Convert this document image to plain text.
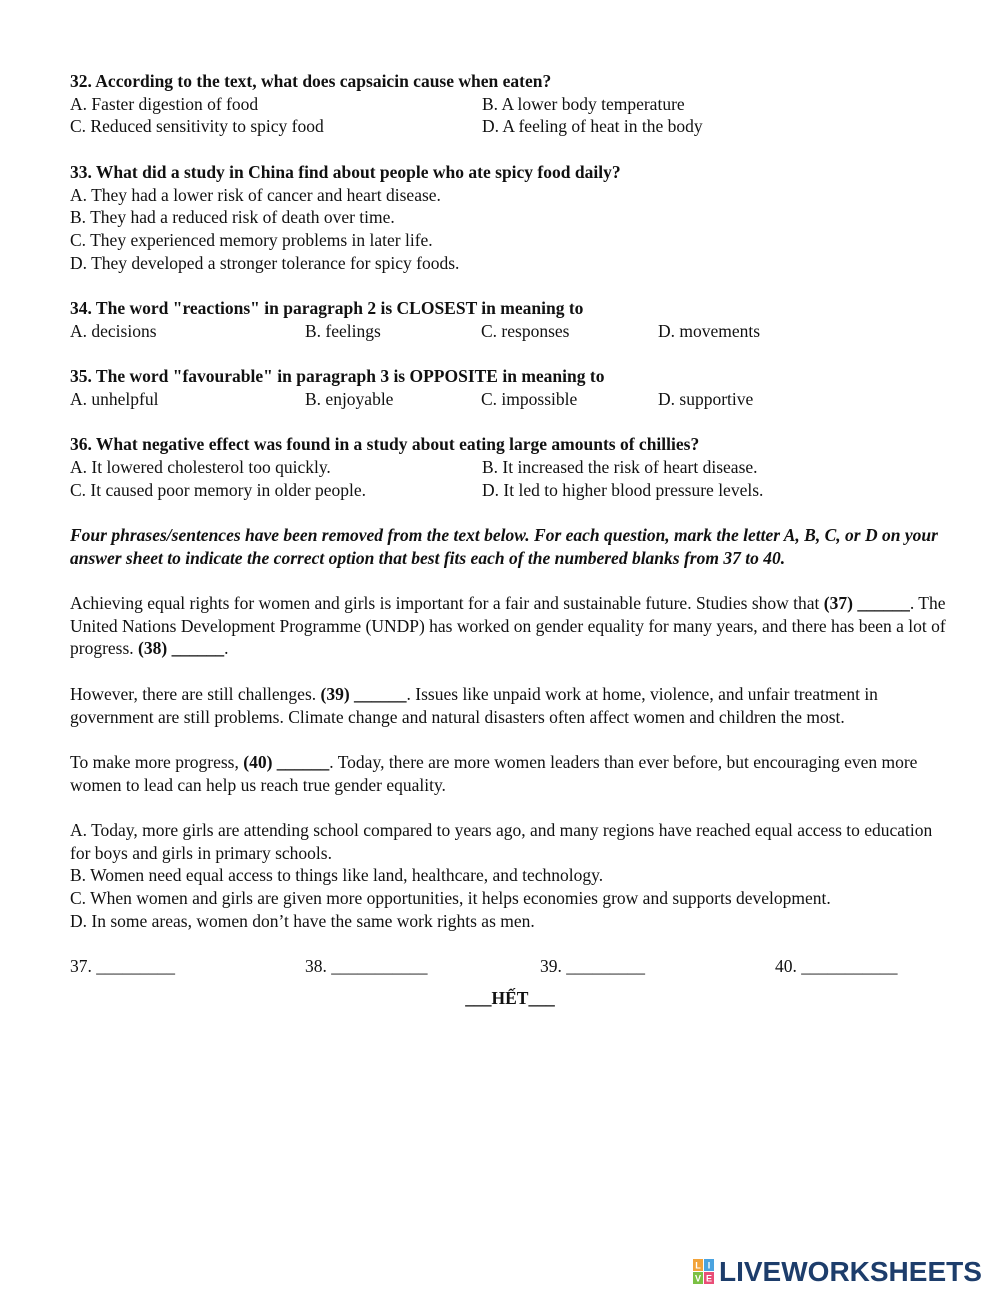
32. According to the text, what does capsaicin cause when eaten?
A. Faster digestion of food	B. A lower body temperature
C. Reduced sensitivity to spicy food	D. A feeling of heat in the body
33. What did a study in China find about people who ate spicy food daily?
A. They had a lower risk of cancer and heart disease.
B. They had a reduced risk of death over time.
C. They experienced memory problems in later life.
D. They developed a stronger tolerance for spicy foods.
34. The word "reactions" in paragraph 2 is CLOSEST in meaning to
A. decisions	B. feelings	C. responses	D. movements
35. The word "favourable" in paragraph 3 is OPPOSITE in meaning to
A. unhelpful	B. enjoyable	C. impossible	D. supportive
36. What negative effect was found in a study about eating large amounts of chillies?
A. It lowered cholesterol too quickly.	B. It increased the risk of heart disease.
C. It caused poor memory in older people.	D. It led to higher blood pressure levels.
Four phrases/sentences have been removed from the text below. For each question, mark the letter A, B, C, or D on your answer sheet to indicate the correct option that best fits each of the numbered blanks from 37 to 40.

Achieving equal rights for women and girls is important for a fair and sustainable future. Studies show that (37) ______. The United Nations Development Programme (UNDP) has worked on gender equality for many years, and there has been a lot of progress. (38) ______.

However, there are still challenges. (39) ______. Issues like unpaid work at home, violence, and unfair treatment in government are still problems. Climate change and natural disasters often affect women and children the most.

To make more progress, (40) ______. Today, there are more women leaders than ever before, but encouraging even more women to lead can help us reach true gender equality.

A. Today, more girls are attending school compared to years ago, and many regions have reached equal access to education for boys and girls in primary schools.
B. Women need equal access to things like land, healthcare, and technology.
C. When women and girls are given more opportunities, it helps economies grow and supports development.
D. In some areas, women don’t have the same work rights as men.
37. _________	38. ___________	39. _________	40. ___________
___HẾT___
L I
V E LIVEWORKSHEETS
